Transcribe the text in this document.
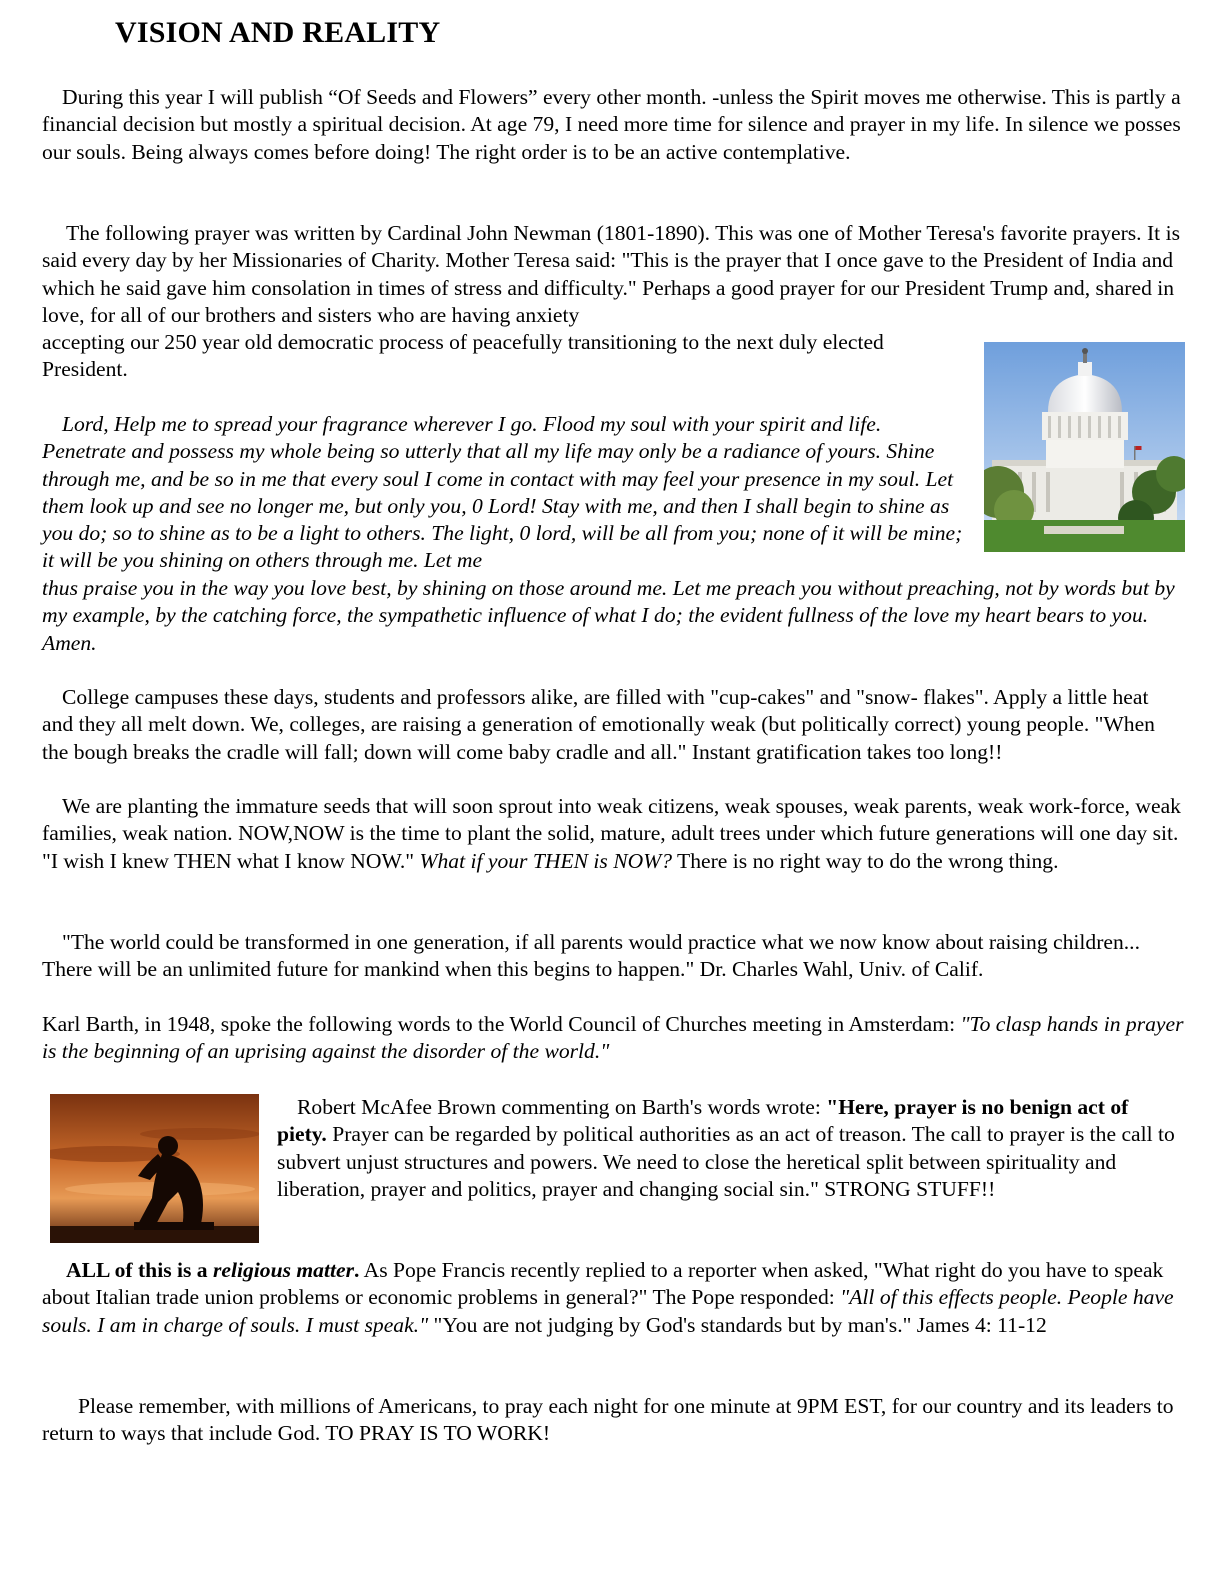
VISION AND REALITY

During this year I will publish “Of Seeds and Flowers” every other month. -unless the Spirit moves me otherwise. This is partly a financial decision but mostly a spiritual decision. At age 79, I need more time for silence and prayer in my life. In silence we posses our souls. Being always comes before doing! The right order is to be an active contemplative.

The following prayer was written by Cardinal John Newman (1801-1890). This was one of Mother Teresa's favorite prayers. It is said every day by her Missionaries of Charity. Mother Teresa said: "This is the prayer that I once gave to the President of India and which he said gave him consolation in times of stress and difficulty." Perhaps a good prayer for our President Trump and, shared in love, for all of our brothers and sisters who are having anxiety

accepting our 250 year old democratic process of peacefully transitioning to the next duly elected President.

Lord, Help me to spread your fragrance wherever I go. Flood my soul with your spirit and life. Penetrate and possess my whole being so utterly that all my life may only be a radiance of yours. Shine through me, and be so in me that every soul I come in contact with may feel your presence in my soul. Let them look up and see no longer me, but only you, 0 Lord! Stay with me, and then I shall begin to shine as you do; so to shine as to be a light to others. The light, 0 lord, will be all from you; none of it will be mine; it will be you shining on others through me. Let me

thus praise you in the way you love best, by shining on those around me. Let me preach you without preaching, not by words but by my example, by the catching force, the sympathetic influence of what I do; the evident fullness of the love my heart bears to you. Amen.

College campuses these days, students and professors alike, are filled with "cup-cakes" and "snow- flakes". Apply a little heat and they all melt down. We, colleges, are raising a generation of emotionally weak (but politically correct) young people. "When the bough breaks the cradle will fall; down will come baby cradle and all." Instant gratification takes too long!!

We are planting the immature seeds that will soon sprout into weak citizens, weak spouses, weak parents, weak work-force, weak families, weak nation. NOW,NOW is the time to plant the solid, mature, adult trees under which future generations will one day sit. "I wish I knew THEN what I know NOW." What if your THEN is NOW? There is no right way to do the wrong thing.

"The world could be transformed in one generation, if all parents would practice what we now know about raising children... There will be an unlimited future for mankind when this begins to happen." Dr. Charles Wahl, Univ. of Calif.

Karl Barth, in 1948, spoke the following words to the World Council of Churches meeting in Amsterdam: "To clasp hands in prayer is the beginning of an uprising against the disorder of the world."

Robert McAfee Brown commenting on Barth's words wrote: "Here, prayer is no benign act of piety. Prayer can be regarded by political authorities as an act of treason. The call to prayer is the call to subvert unjust structures and powers. We need to close the heretical split between spirituality and liberation, prayer and politics, prayer and changing social sin." STRONG STUFF!!

ALL of this is a religious matter. As Pope Francis recently replied to a reporter when asked, "What right do you have to speak about Italian trade union problems or economic problems in general?" The Pope responded: "All of this effects people. People have souls. I am in charge of souls. I must speak." "You are not judging by God's standards but by man's." James 4: 11-12

Please remember, with millions of Americans, to pray each night for one minute at 9PM EST, for our country and its leaders to return to ways that include God. TO PRAY IS TO WORK!
